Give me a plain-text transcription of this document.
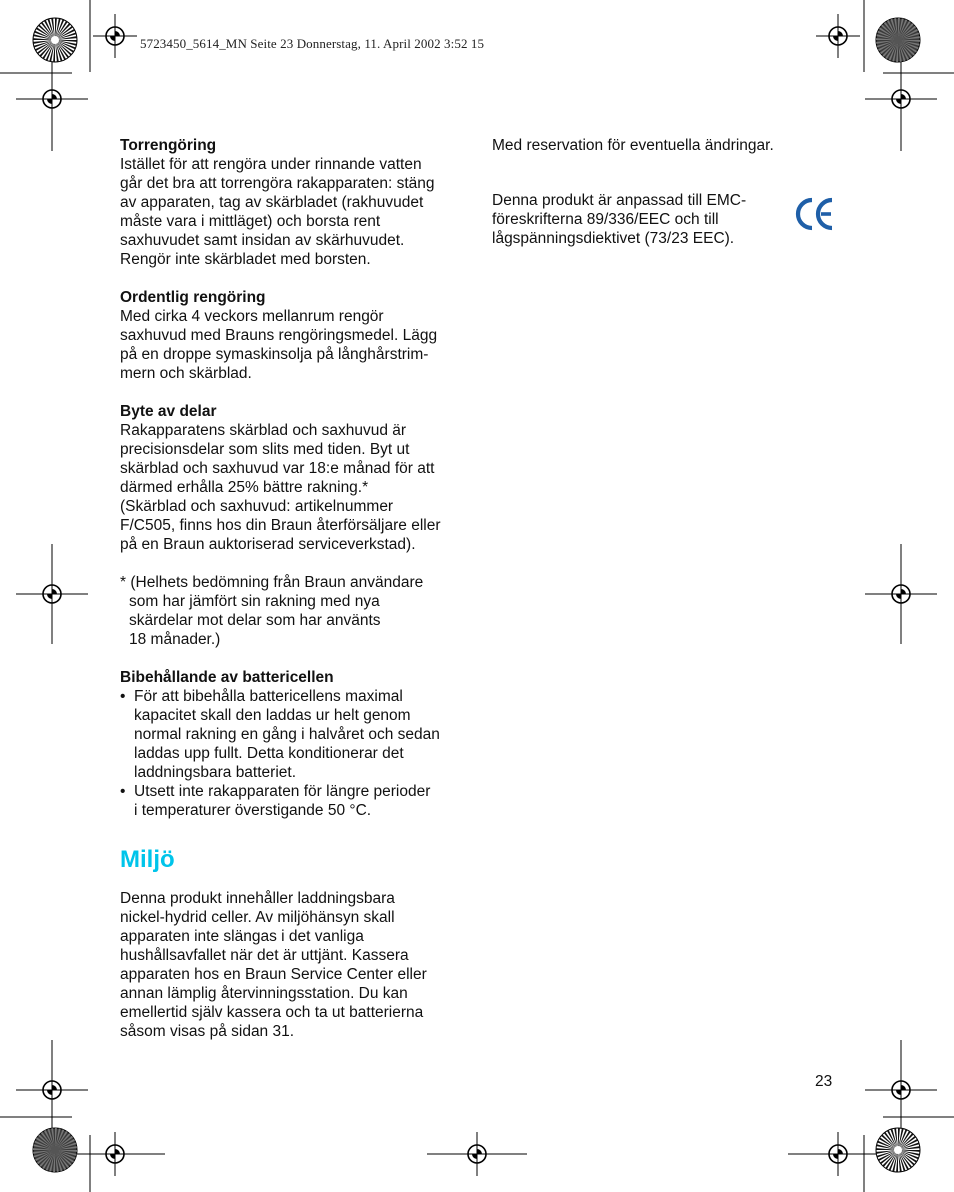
5723450_5614_MN Seite 23 Donnerstag, 11. April 2002 3:52 15
Torrengöring
Istället för att rengöra under rinnande vatten
går det bra att torrengöra rakapparaten: stäng
av apparaten, tag av skärbladet (rakhuvudet
måste vara i mittläget) och borsta rent
saxhuvudet samt insidan av skärhuvudet.
Rengör inte skärbladet med borsten.
Ordentlig rengöring
Med cirka 4 veckors mellanrum rengör
saxhuvud med Brauns rengöringsmedel. Lägg
på en droppe symaskinsolja på långhårstrim-
mern och skärblad.
Byte av delar
Rakapparatens skärblad och saxhuvud är
precisionsdelar som slits med tiden. Byt ut
skärblad och saxhuvud var 18:e månad för att
därmed erhålla 25% bättre rakning.*
(Skärblad och saxhuvud: artikelnummer
F/C505, finns hos din Braun återförsäljare eller
på en Braun auktoriserad serviceverkstad).
* (Helhets bedömning från Braun användare
som har jämfört sin rakning med nya
skärdelar mot delar som har använts
18 månader.)
Bibehållande av battericellen
• För att bibehålla battericellens maximal
kapacitet skall den laddas ur helt genom
normal rakning en gång i halvåret och sedan
laddas upp fullt. Detta konditionerar det
laddningsbara batteriet.
• Utsett inte rakapparaten för längre perioder
i temperaturer överstigande 50 °C.
Miljö
Denna produkt innehåller laddningsbara
nickel-hydrid celler. Av miljöhänsyn skall
apparaten inte slängas i det vanliga
hushållsavfallet när det är uttjänt. Kassera
apparaten hos en Braun Service Center eller
annan lämplig återvinningsstation. Du kan
emellertid själv kassera och ta ut batterierna
såsom visas på sidan 31.
Med reservation för eventuella ändringar.
Denna produkt är anpassad till EMC-
föreskrifterna 89/336/EEC och till
lågspänningsdiektivet (73/23 EEC).
23
